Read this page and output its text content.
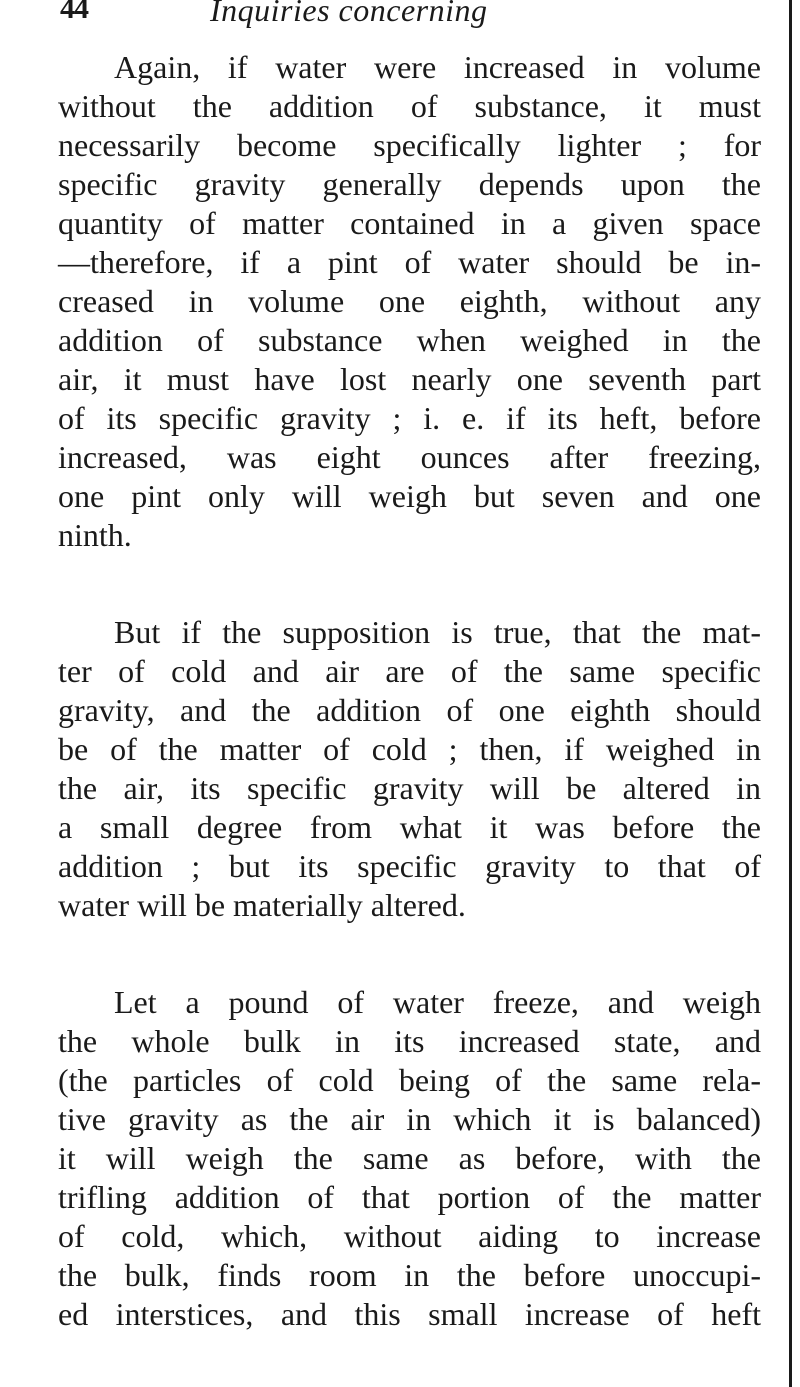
44	Inquiries concerning
Again, if water were increased in volume
without the addition of substance, it must
necessarily become specifically lighter ; for
specific gravity generally depends upon the
quantity of matter contained in a given space
—therefore, if a pint of water should be in-
creased in volume one eighth, without any
addition of substance when weighed in the
air, it must have lost nearly one seventh part
of its specific gravity ; i. e. if its heft, before
increased, was eight ounces after freezing,
one pint only will weigh but seven and one
ninth.
But if the supposition is true, that the mat-
ter of cold and air are of the same specific
gravity, and the addition of one eighth should
be of the matter of cold ; then, if weighed in
the air, its specific gravity will be altered in
a small degree from what it was before the
addition ; but its specific gravity to that of
water will be materially altered.
Let a pound of water freeze, and weigh
the whole bulk in its increased state, and
(the particles of cold being of the same rela-
tive gravity as the air in which it is balanced)
it will weigh the same as before, with the
trifling addition of that portion of the matter
of cold, which, without aiding to increase
the bulk, finds room in the before unoccupi-
ed interstices, and this small increase of heft
